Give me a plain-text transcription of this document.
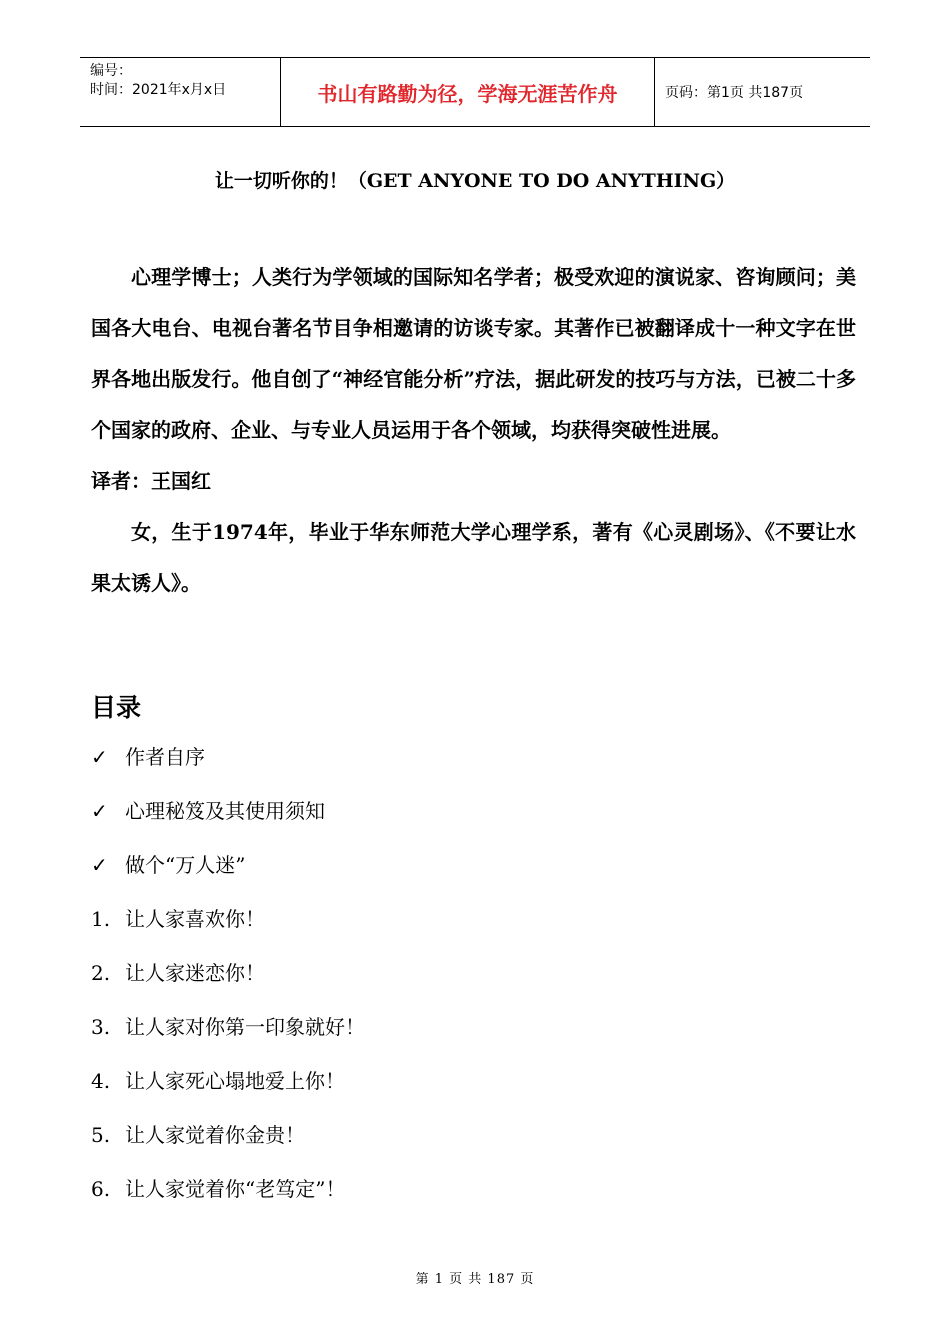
编号：
时间：2021年x月x日	书山有路勤为径，学海无涯苦作舟	页码：第1页 共187页
让一切听你的！（GET ANYONE TO DO ANYTHING）

心理学博士；人类行为学领域的国际知名学者；极受欢迎的演说家、咨询顾问；美国各大电台、电视台著名节目争相邀请的访谈专家。其著作已被翻译成十一种文字在世界各地出版发行。他自创了“神经官能分析”疗法，据此研发的技巧与方法，已被二十多个国家的政府、企业、与专业人员运用于各个领域，均获得突破性进展。

译者：王国红

女，生于1974年，毕业于华东师范大学心理学系，著有《心灵剧场》、《不要让水果太诱人》。

目录
✓ 作者自序
✓ 心理秘笈及其使用须知
✓ 做个“万人迷”
1. 让人家喜欢你！
2. 让人家迷恋你！
3. 让人家对你第一印象就好！
4. 让人家死心塌地爱上你！
5. 让人家觉着你金贵！
6. 让人家觉着你“老笃定”！
第 1 页 共 187 页
